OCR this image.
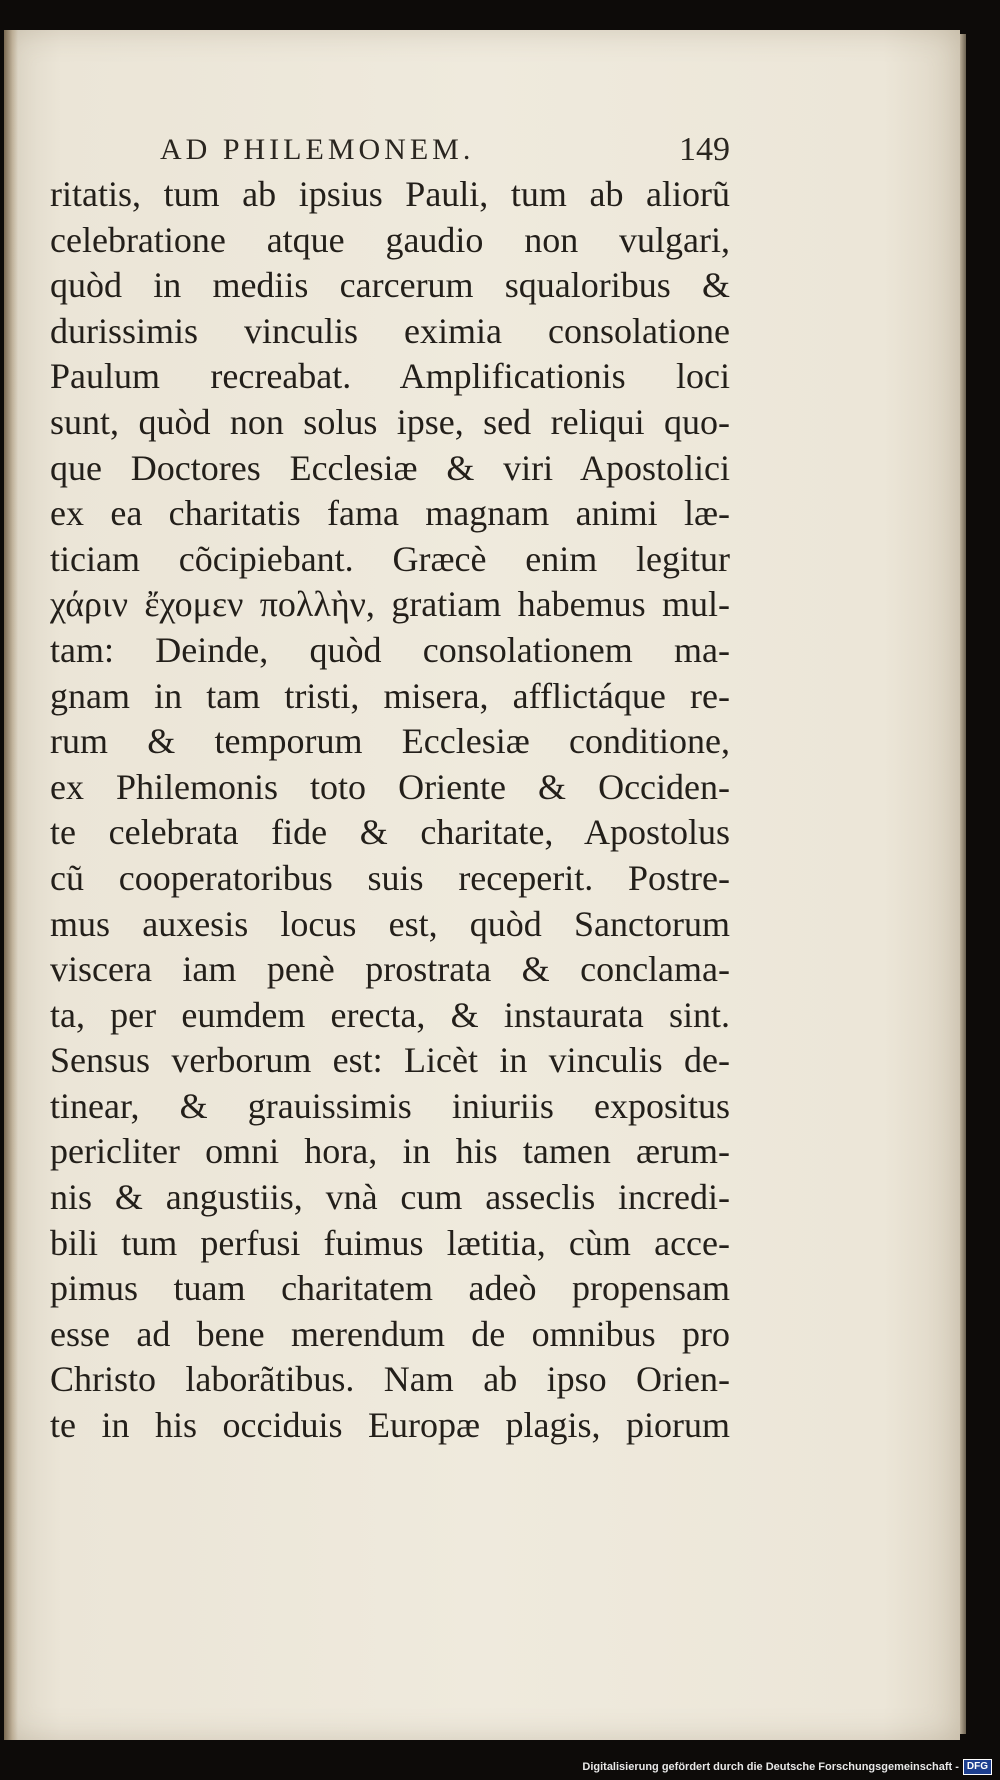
AD PHILEMONEM.	149
ritatis, tum ab ipsius Pauli, tum ab aliorũ
celebratione atque gaudio non vulgari,
quòd in mediis carcerum squaloribus &
durissimis vinculis eximia consolatione
Paulum recreabat. Amplificationis loci
sunt, quòd non solus ipse, sed reliqui quo-
que Doctores Ecclesiæ & viri Apostolici
ex ea charitatis fama magnam animi læ-
ticiam cõcipiebant. Græcè enim legitur
χάριν ἔχομεν πολλὴν, gratiam habemus mul-
tam: Deinde, quòd consolationem ma-
gnam in tam tristi, misera, afflictáque re-
rum & temporum Ecclesiæ conditione,
ex Philemonis toto Oriente & Occiden-
te celebrata fide & charitate, Apostolus
cũ cooperatoribus suis receperit. Postre-
mus auxesis locus est, quòd Sanctorum
viscera iam penè prostrata & conclama-
ta, per eumdem erecta, & instaurata sint.
Sensus verborum est: Licèt in vinculis de-
tinear, & grauissimis iniuriis expositus
pericliter omni hora, in his tamen ærum-
nis & angustiis, vnà cum asseclis incredi-
bili tum perfusi fuimus lætitia, cùm acce-
pimus tuam charitatem adeò propensam
esse ad bene merendum de omnibus pro
Christo laborãtibus. Nam ab ipso Orien-
te in his occiduis Europæ plagis, piorum
Digitalisierung gefördert durch die Deutsche Forschungsgemeinschaft - DFG
